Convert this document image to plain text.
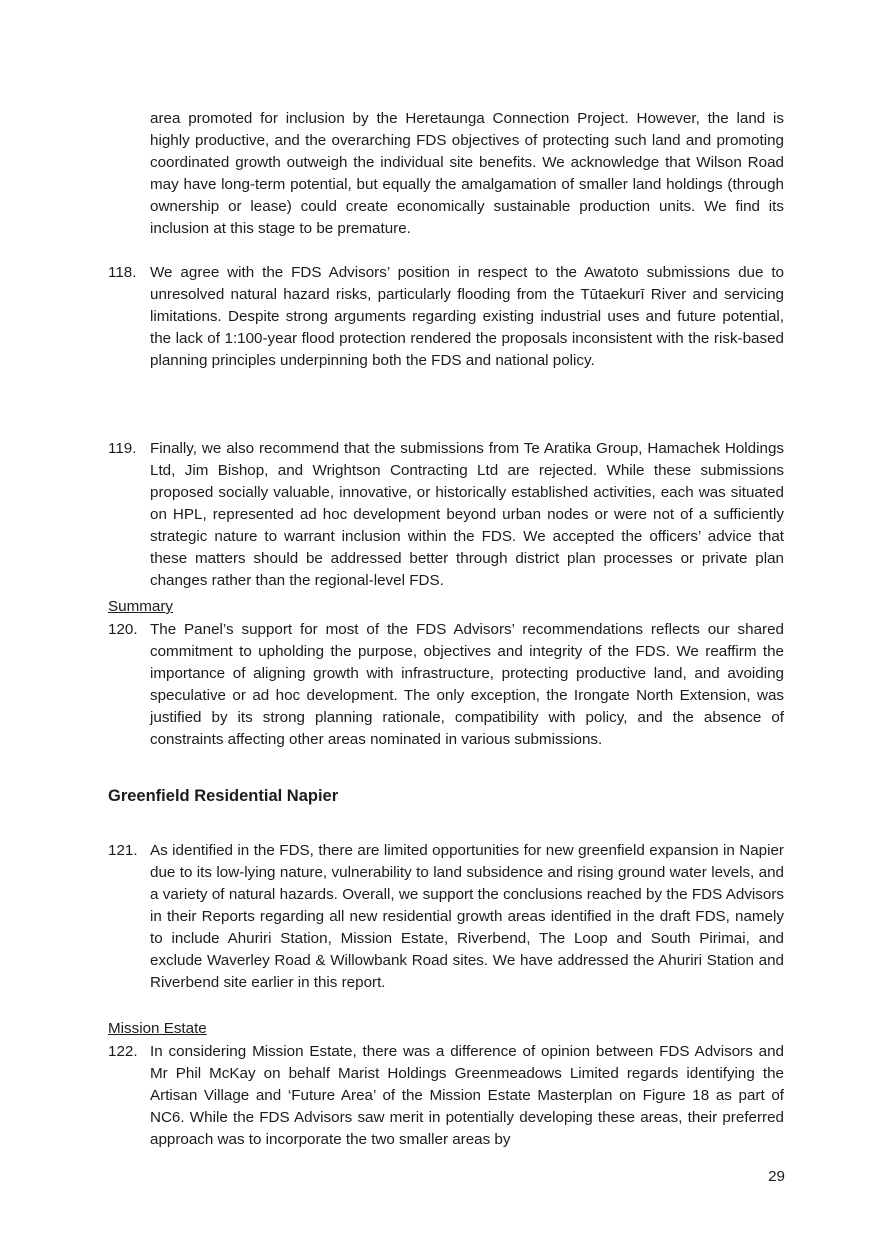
area promoted for inclusion by the Heretaunga Connection Project. However, the land is highly productive, and the overarching FDS objectives of protecting such land and promoting coordinated growth outweigh the individual site benefits. We acknowledge that Wilson Road may have long-term potential, but equally the amalgamation of smaller land holdings (through ownership or lease) could create economically sustainable production units. We find its inclusion at this stage to be premature.
118. We agree with the FDS Advisors’ position in respect to the Awatoto submissions due to unresolved natural hazard risks, particularly flooding from the Tūtaekurī River and servicing limitations. Despite strong arguments regarding existing industrial uses and future potential, the lack of 1:100-year flood protection rendered the proposals inconsistent with the risk-based planning principles underpinning both the FDS and national policy.
119. Finally, we also recommend that the submissions from Te Aratika Group, Hamachek Holdings Ltd, Jim Bishop, and Wrightson Contracting Ltd are rejected. While these submissions proposed socially valuable, innovative, or historically established activities, each was situated on HPL, represented ad hoc development beyond urban nodes or were not of a sufficiently strategic nature to warrant inclusion within the FDS. We accepted the officers’ advice that these matters should be addressed better through district plan processes or private plan changes rather than the regional-level FDS.
Summary
120. The Panel’s support for most of the FDS Advisors’ recommendations reflects our shared commitment to upholding the purpose, objectives and integrity of the FDS. We reaffirm the importance of aligning growth with infrastructure, protecting productive land, and avoiding speculative or ad hoc development. The only exception, the Irongate North Extension, was justified by its strong planning rationale, compatibility with policy, and the absence of constraints affecting other areas nominated in various submissions.
Greenfield Residential Napier
121. As identified in the FDS, there are limited opportunities for new greenfield expansion in Napier due to its low-lying nature, vulnerability to land subsidence and rising ground water levels, and a variety of natural hazards. Overall, we support the conclusions reached by the FDS Advisors in their Reports regarding all new residential growth areas identified in the draft FDS, namely to include Ahuriri Station, Mission Estate, Riverbend, The Loop and South Pirimai, and exclude Waverley Road & Willowbank Road sites. We have addressed the Ahuriri Station and Riverbend site earlier in this report.
Mission Estate
122. In considering Mission Estate, there was a difference of opinion between FDS Advisors and Mr Phil McKay on behalf Marist Holdings Greenmeadows Limited regards identifying the Artisan Village and ‘Future Area’ of the Mission Estate Masterplan on Figure 18 as part of NC6. While the FDS Advisors saw merit in potentially developing these areas, their preferred approach was to incorporate the two smaller areas by
29
